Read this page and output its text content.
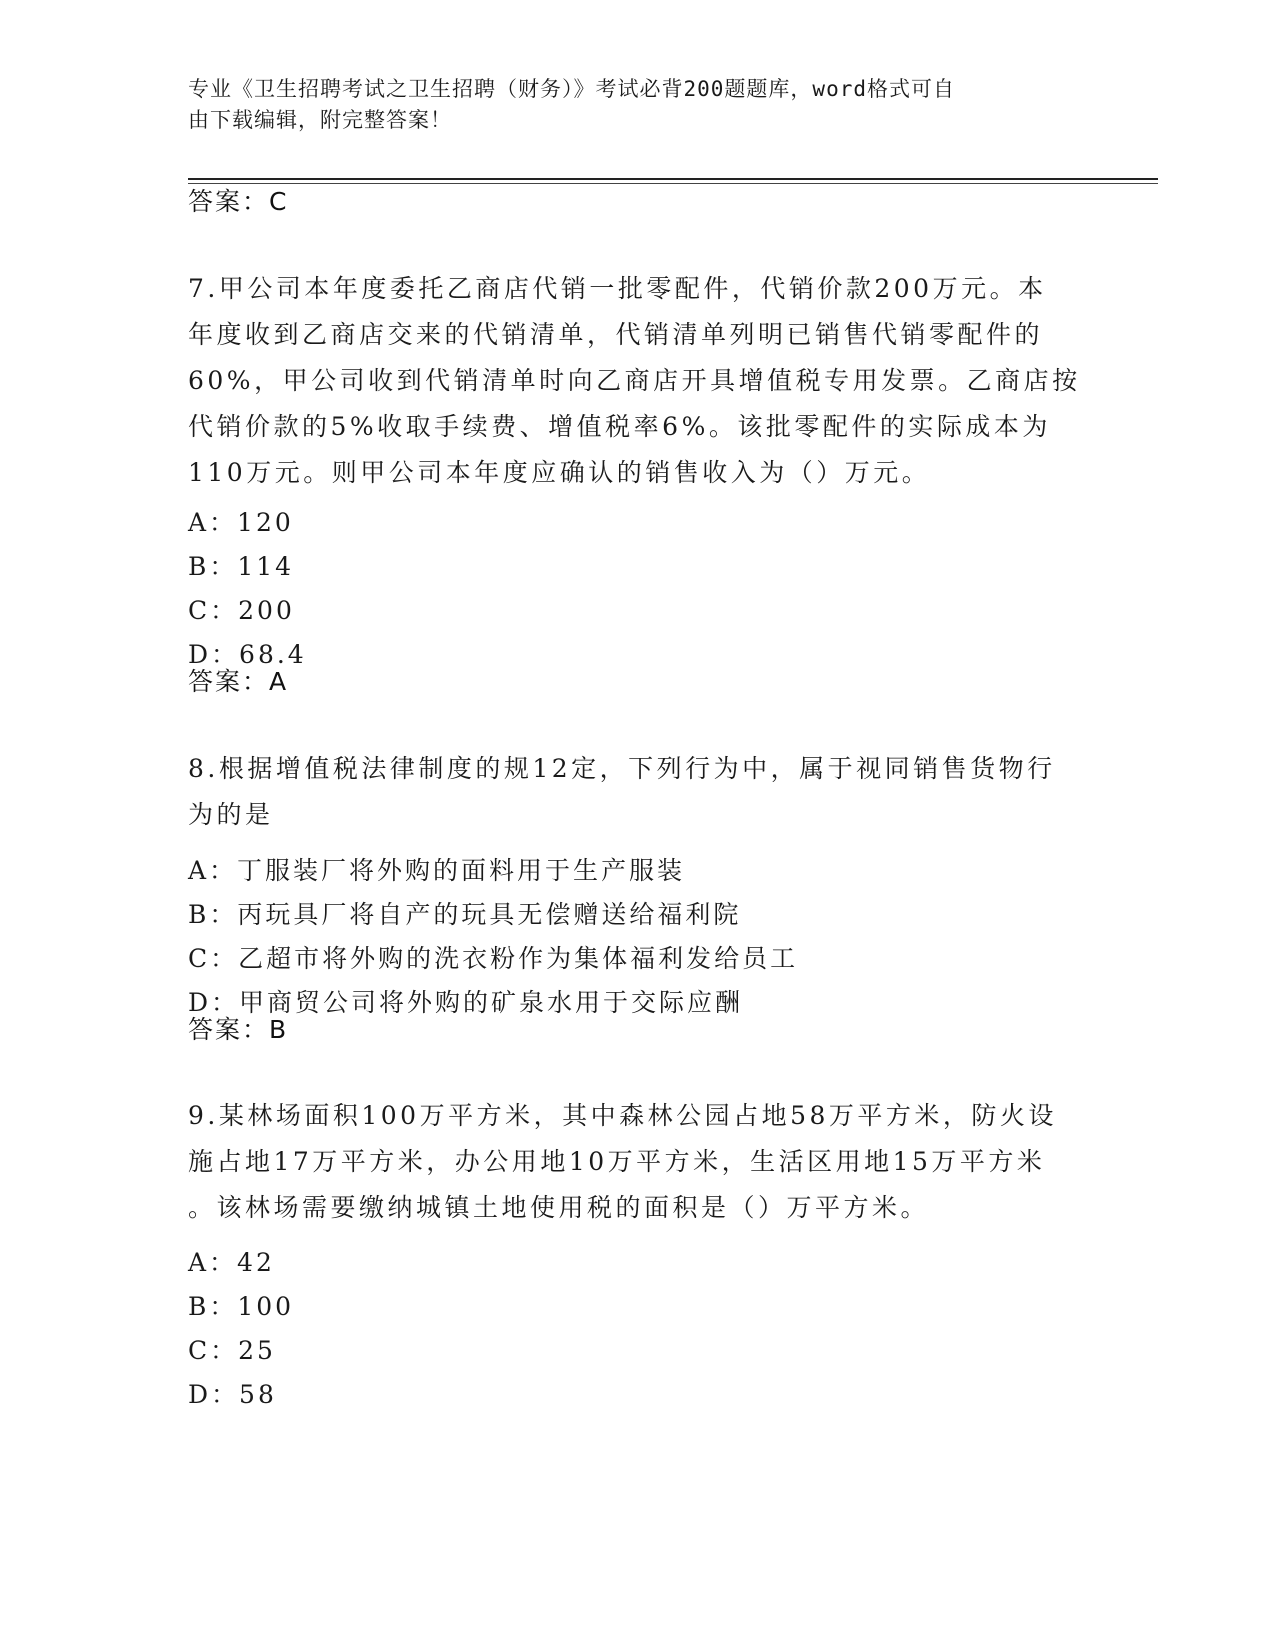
专业《卫生招聘考试之卫生招聘（财务）》考试必背200题题库，word格式可自
由下载编辑，附完整答案！
答案：C
7.甲公司本年度委托乙商店代销一批零配件，代销价款200万元。本
年度收到乙商店交来的代销清单，代销清单列明已销售代销零配件的
60%，甲公司收到代销清单时向乙商店开具增值税专用发票。乙商店按
代销价款的5%收取手续费、增值税率6%。该批零配件的实际成本为
110万元。则甲公司本年度应确认的销售收入为（）万元。
A：120
B：114
C：200
D：68.4
答案：A
8.根据增值税法律制度的规12定，下列行为中，属于视同销售货物行
为的是
A：丁服装厂将外购的面料用于生产服装
B：丙玩具厂将自产的玩具无偿赠送给福利院
C：乙超市将外购的洗衣粉作为集体福利发给员工
D：甲商贸公司将外购的矿泉水用于交际应酬
答案：B
9.某林场面积100万平方米，其中森林公园占地58万平方米，防火设
施占地17万平方米，办公用地10万平方米，生活区用地15万平方米
。该林场需要缴纳城镇土地使用税的面积是（）万平方米。
A：42
B：100
C：25
D：58
